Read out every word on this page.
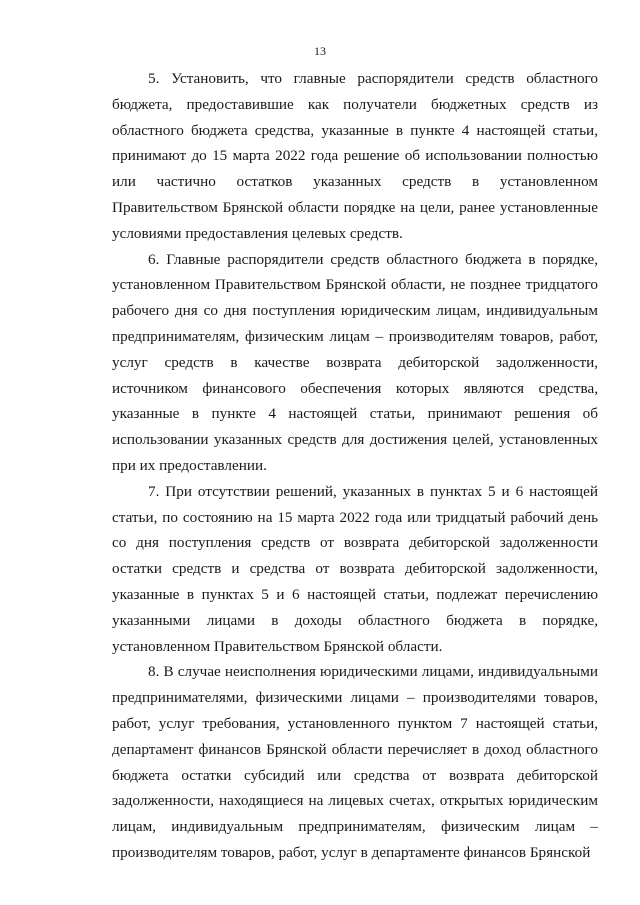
13

5. Установить, что главные распорядители средств областного бюджета, предоставившие как получатели бюджетных средств из областного бюджета средства, указанные в пункте 4 настоящей статьи, принимают до 15 марта 2022 года решение об использовании полностью или частично остатков указанных средств в установленном Правительством Брянской области порядке на цели, ранее установленные условиями предоставления целевых средств.

6. Главные распорядители средств областного бюджета в порядке, установленном Правительством Брянской области, не позднее тридцатого рабочего дня со дня поступления юридическим лицам, индивидуальным предпринимателям, физическим лицам – производителям товаров, работ, услуг средств в качестве возврата дебиторской задолженности, источником финансового обеспечения которых являются средства, указанные в пункте 4 настоящей статьи, принимают решения об использовании указанных средств для достижения целей, установленных при их предоставлении.

7. При отсутствии решений, указанных в пунктах 5 и 6 настоящей статьи, по состоянию на 15 марта 2022 года или тридцатый рабочий день со дня поступления средств от возврата дебиторской задолженности остатки средств и средства от возврата дебиторской задолженности, указанные в пунктах 5 и 6 настоящей статьи, подлежат перечислению указанными лицами в доходы областного бюджета в порядке, установленном Правительством Брянской области.

8. В случае неисполнения юридическими лицами, индивидуальными предпринимателями, физическими лицами – производителями товаров, работ, услуг требования, установленного пунктом 7 настоящей статьи, департамент финансов Брянской области перечисляет в доход областного бюджета остатки субсидий или средства от возврата дебиторской задолженности, находящиеся на лицевых счетах, открытых юридическим лицам, индивидуальным предпринимателям, физическим лицам – производителям товаров, работ, услуг в департаменте финансов Брянской
